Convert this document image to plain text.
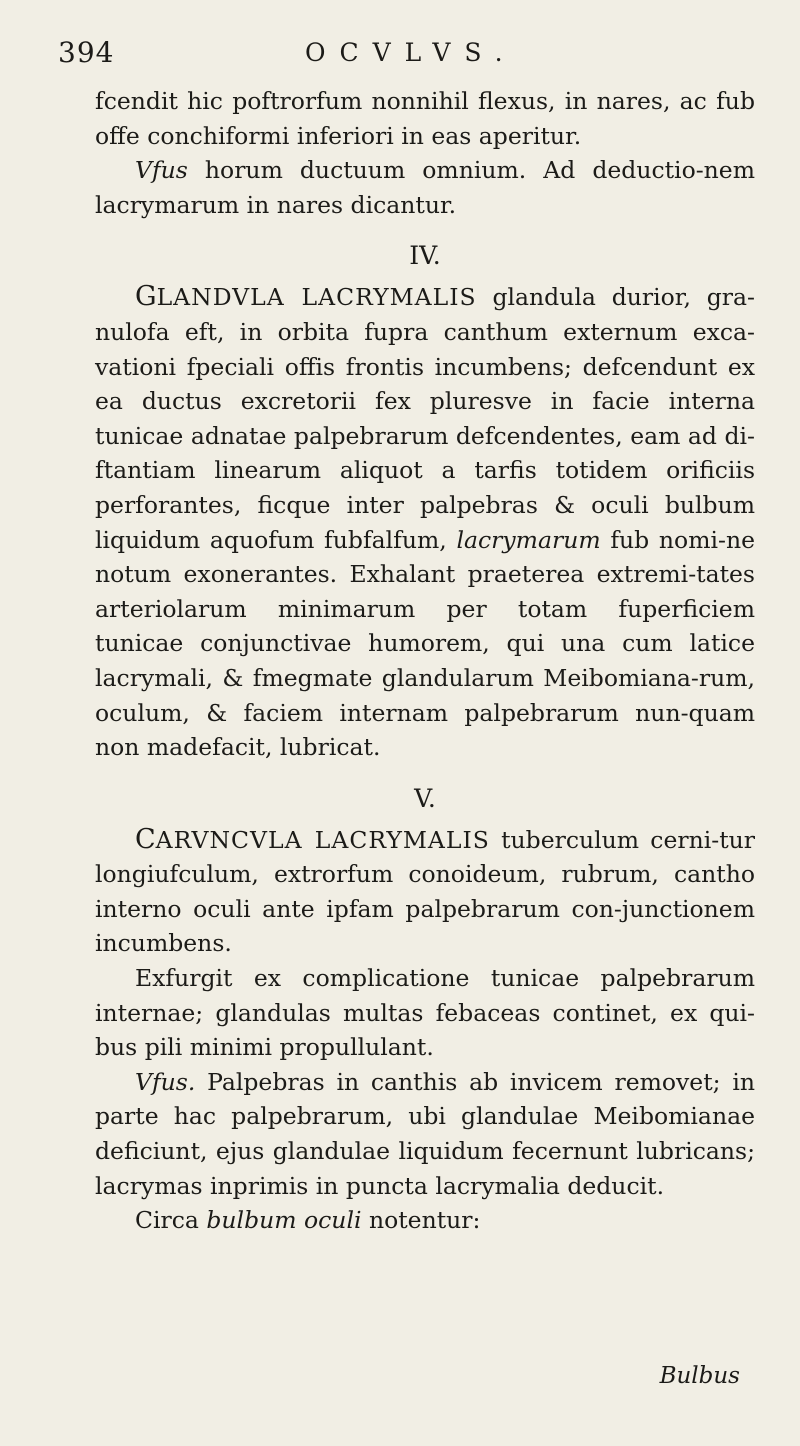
394	OCVLVS.

fcendit hic poftrorfum nonnihil flexus, in nares, ac fub offe conchiformi inferiori in eas aperitur.

Vfus horum ductuum omnium. Ad deductio-nem lacrymarum in nares dicantur.

IV.

GLANDVLA LACRYMALIS glandula durior, gra-nulofa eft, in orbita fupra canthum externum exca-vationi fpeciali offis frontis incumbens; defcendunt ex ea ductus excretorii fex pluresve in facie interna tunicae adnatae palpebrarum defcendentes, eam ad di-ftantiam linearum aliquot a tarfis totidem orificiis perforantes, ficque inter palpebras & oculi bulbum liquidum aquofum fubfalfum, lacrymarum fub nomi-ne notum exonerantes. Exhalant praeterea extremi-tates arteriolarum minimarum per totam fuperficiem tunicae conjunctivae humorem, qui una cum latice lacrymali, & fmegmate glandularum Meibomiana-rum, oculum, & faciem internam palpebrarum nun-quam non madefacit, lubricat.

V.

CARVNCVLA LACRYMALIS tuberculum cerni-tur longiufculum, extrorfum conoideum, rubrum, cantho interno oculi ante ipfam palpebrarum con-junctionem incumbens.

Exfurgit ex complicatione tunicae palpebrarum internae; glandulas multas febaceas continet, ex qui-bus pili minimi propullulant.

Vfus. Palpebras in canthis ab invicem removet; in parte hac palpebrarum, ubi glandulae Meibomianae deficiunt, ejus glandulae liquidum fecernunt lubricans; lacrymas inprimis in puncta lacrymalia deducit.

Circa bulbum oculi notentur:

Bulbus
